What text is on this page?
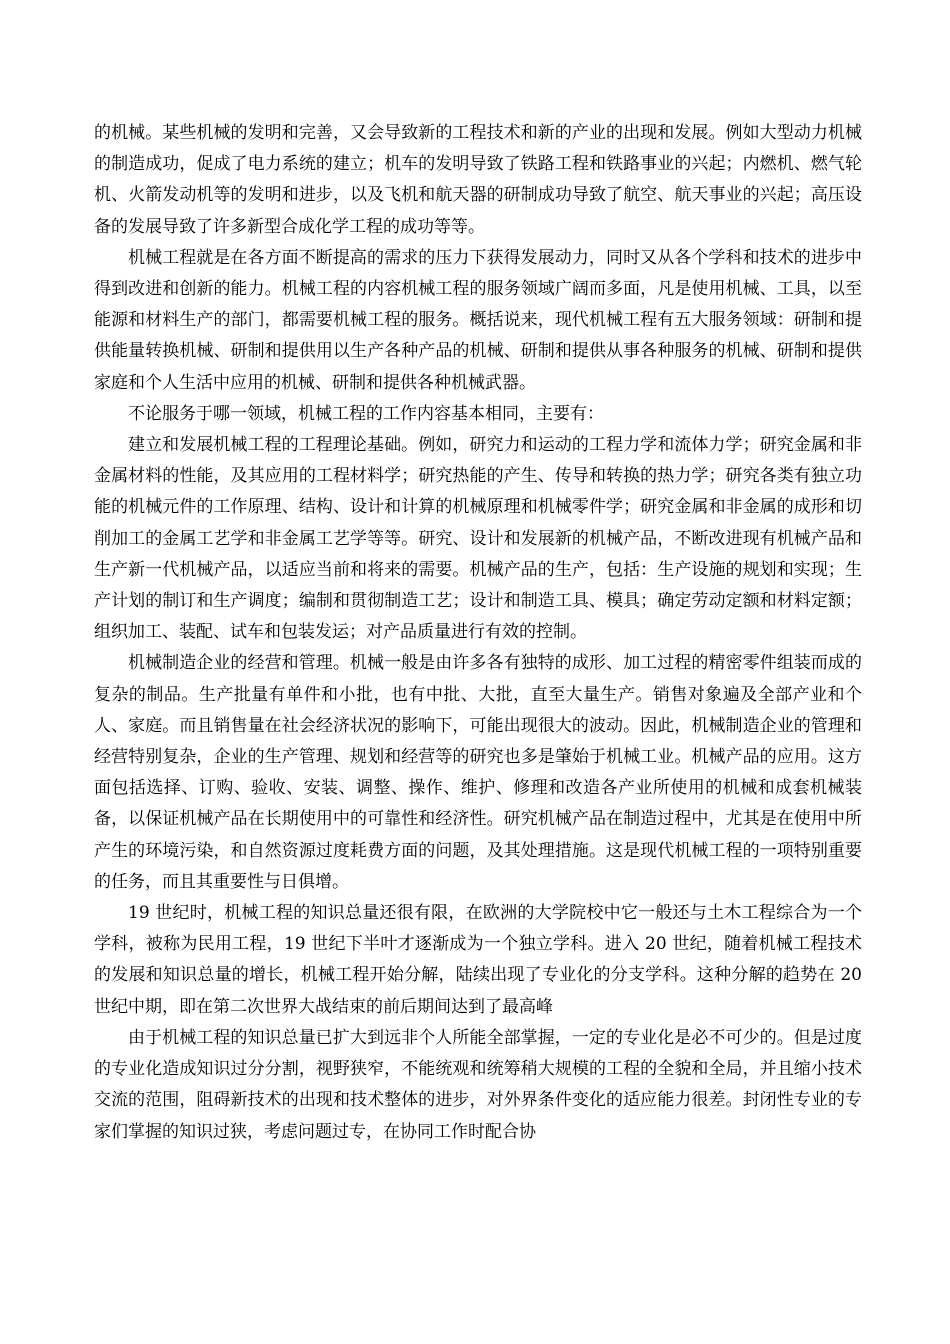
的机械。某些机械的发明和完善，又会导致新的工程技术和新的产业的出现和发展。例如大型动力机械的制造成功，促成了电力系统的建立；机车的发明导致了铁路工程和铁路事业的兴起；内燃机、燃气轮机、火箭发动机等的发明和进步，以及飞机和航天器的研制成功导致了航空、航天事业的兴起；高压设备的发展导致了许多新型合成化学工程的成功等等。

机械工程就是在各方面不断提高的需求的压力下获得发展动力，同时又从各个学科和技术的进步中得到改进和创新的能力。机械工程的内容机械工程的服务领域广阔而多面，凡是使用机械、工具，以至能源和材料生产的部门，都需要机械工程的服务。概括说来，现代机械工程有五大服务领域：研制和提供能量转换机械、研制和提供用以生产各种产品的机械、研制和提供从事各种服务的机械、研制和提供家庭和个人生活中应用的机械、研制和提供各种机械武器。

不论服务于哪一领域，机械工程的工作内容基本相同，主要有：

建立和发展机械工程的工程理论基础。例如，研究力和运动的工程力学和流体力学；研究金属和非金属材料的性能，及其应用的工程材料学；研究热能的产生、传导和转换的热力学；研究各类有独立功能的机械元件的工作原理、结构、设计和计算的机械原理和机械零件学；研究金属和非金属的成形和切削加工的金属工艺学和非金属工艺学等等。研究、设计和发展新的机械产品，不断改进现有机械产品和生产新一代机械产品，以适应当前和将来的需要。机械产品的生产，包括：生产设施的规划和实现；生产计划的制订和生产调度；编制和贯彻制造工艺；设计和制造工具、模具；确定劳动定额和材料定额；组织加工、装配、试车和包装发运；对产品质量进行有效的控制。

机械制造企业的经营和管理。机械一般是由许多各有独特的成形、加工过程的精密零件组装而成的复杂的制品。生产批量有单件和小批，也有中批、大批，直至大量生产。销售对象遍及全部产业和个人、家庭。而且销售量在社会经济状况的影响下，可能出现很大的波动。因此，机械制造企业的管理和经营特别复杂，企业的生产管理、规划和经营等的研究也多是肇始于机械工业。机械产品的应用。这方面包括选择、订购、验收、安装、调整、操作、维护、修理和改造各产业所使用的机械和成套机械装备，以保证机械产品在长期使用中的可靠性和经济性。研究机械产品在制造过程中，尤其是在使用中所产生的环境污染，和自然资源过度耗费方面的问题，及其处理措施。这是现代机械工程的一项特别重要的任务，而且其重要性与日俱增。

19 世纪时，机械工程的知识总量还很有限，在欧洲的大学院校中它一般还与土木工程综合为一个学科，被称为民用工程，19 世纪下半叶才逐渐成为一个独立学科。进入 20 世纪，随着机械工程技术的发展和知识总量的增长，机械工程开始分解，陆续出现了专业化的分支学科。这种分解的趋势在 20 世纪中期，即在第二次世界大战结束的前后期间达到了最高峰

由于机械工程的知识总量已扩大到远非个人所能全部掌握，一定的专业化是必不可少的。但是过度的专业化造成知识过分分割，视野狭窄，不能统观和统筹稍大规模的工程的全貌和全局，并且缩小技术交流的范围，阻碍新技术的出现和技术整体的进步，对外界条件变化的适应能力很差。封闭性专业的专家们掌握的知识过狭，考虑问题过专，在协同工作时配合协
